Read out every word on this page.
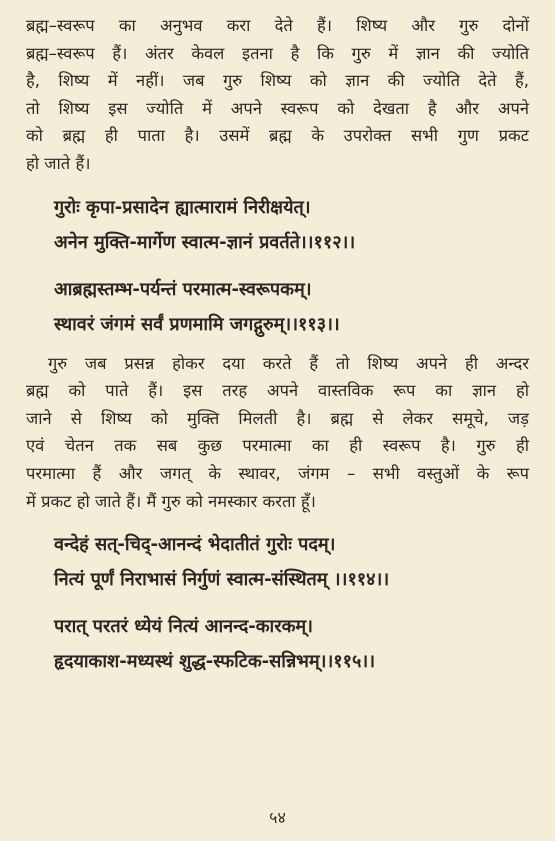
ब्रह्म–स्वरूप का अनुभव करा देते हैं। शिष्य और गुरु दोनों
ब्रह्म–स्वरूप हैं। अंतर केवल इतना है कि गुरु में ज्ञान की ज्योति
है, शिष्य में नहीं। जब गुरु शिष्य को ज्ञान की ज्योति देते हैं,
तो शिष्य इस ज्योति में अपने स्वरूप को देखता है और अपने
को ब्रह्म ही पाता है। उसमें ब्रह्म के उपरोक्त सभी गुण प्रकट
हो जाते हैं।

गुरोः कृपा-प्रसादेन ह्यात्मारामं निरीक्षयेत्।
अनेन मुक्ति-मार्गेण स्वात्म-ज्ञानं प्रवर्तते।।११२।।
आब्रह्मस्तम्भ-पर्यन्तं परमात्म-स्वरूपकम्।
स्थावरं जंगमं सर्वं प्रणमामि जगद्गुरुम्।।११३।।

गुरु जब प्रसन्न होकर दया करते हैं तो शिष्य अपने ही अन्दर
ब्रह्म को पाते हैं। इस तरह अपने वास्तविक रूप का ज्ञान हो
जाने से शिष्य को मुक्ति मिलती है। ब्रह्म से लेकर समूचे, जड़
एवं चेतन तक सब कुछ परमात्मा का ही स्वरूप है। गुरु ही
परमात्मा हैं और जगत् के स्थावर, जंगम – सभी वस्तुओं के रूप
में प्रकट हो जाते हैं। मैं गुरु को नमस्कार करता हूँ।

वन्देहं सत्-चिद्-आनन्दं भेदातीतं गुरोः पदम्।
नित्यं पूर्णं निराभासं निर्गुणं स्वात्म-संस्थितम् ।।११४।।
परात् परतरं ध्येयं नित्यं आनन्द-कारकम्।
हृदयाकाश-मध्यस्थं शुद्ध-स्फटिक-सन्निभम्।।११५।।
५४
